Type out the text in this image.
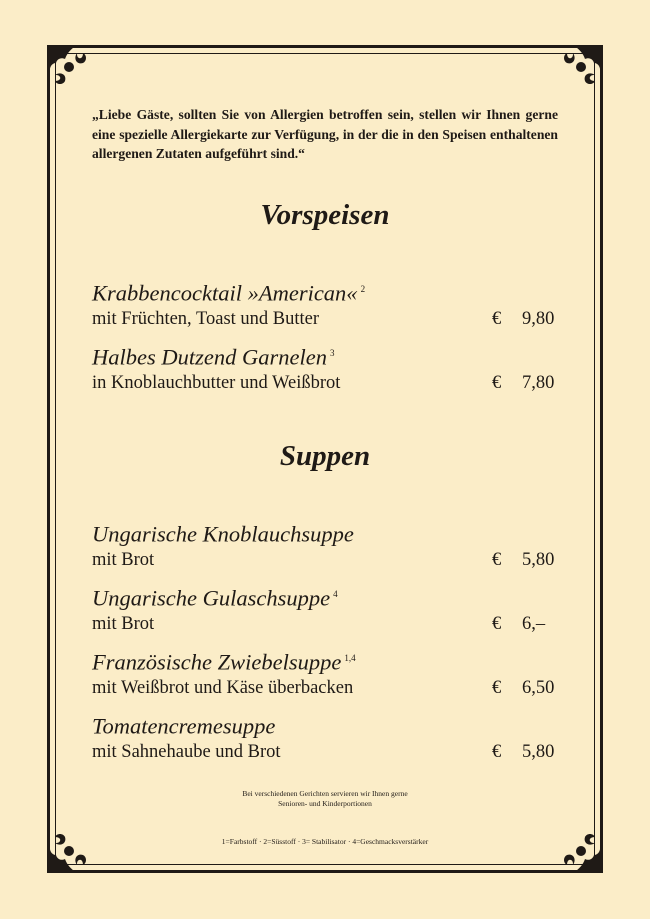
„Liebe Gäste, sollten Sie von Allergien betroffen sein, stellen wir Ihnen gerne eine spezielle Allergiekarte zur Verfügung, in der die in den Speisen enthaltenen allergenen Zutaten aufgeführt sind.“
Vorspeisen
Krabbencocktail »American« $^2$
mit Früchten, Toast und Butter	€ 9,80
Halbes Dutzend Garnelen $^3$
in Knoblauchbutter und Weißbrot	€ 7,80
Suppen
Ungarische Knoblauchsuppe
mit Brot	€ 5,80
Ungarische Gulaschsuppe $^4$
mit Brot	€ 6,–
Französische Zwiebelsuppe $^{1,4}$
mit Weißbrot und Käse überbacken	€ 6,50
Tomatencremesuppe
mit Sahnehaube und Brot	€ 5,80
Bei verschiedenen Gerichten servieren wir Ihnen gerne
Senioren- und Kinderportionen
1=Farbstoff · 2=Süsstoff · 3= Stabilisator · 4=Geschmacksverstärker
